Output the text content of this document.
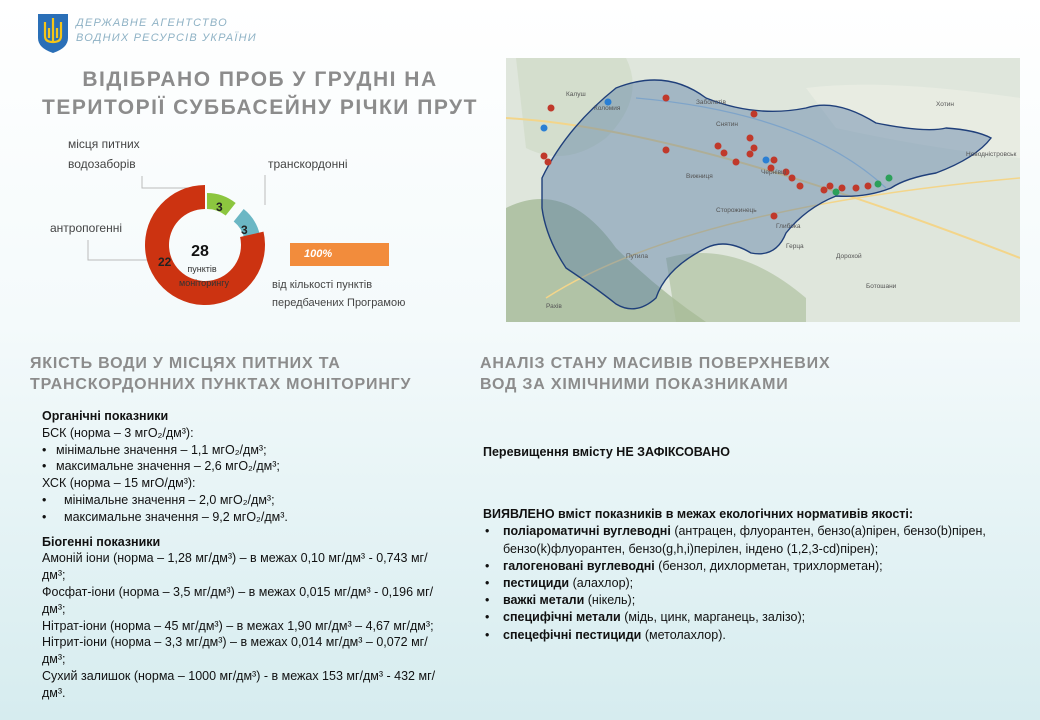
ДЕРЖАВНЕ АГЕНТСТВО
ВОДНИХ РЕСУРСІВ УКРАЇНИ
ВІДІБРАНО ПРОБ У ГРУДНІ НА
ТЕРИТОРІЇ СУББАСЕЙНУ РІЧКИ ПРУТ
місця питних водозаборів	транскордонні
антропогенні
22
3
3
28
пунктів
моніторингу
100%
від кількості пунктів
передбачених Програмою
Калуш
Коломия
Заболотів
Снятин
Чернівці
Хотин
Новодністровськ
Сторожинець
Глибока
Герца
Дорохой
Ботошани
Вижниця
Путила
Рахів
ЯКІСТЬ ВОДИ У МІСЦЯХ ПИТНИХ ТА
ТРАНСКОРДОННИХ ПУНКТАХ МОНІТОРИНГУ
АНАЛІЗ СТАНУ МАСИВІВ ПОВЕРХНЕВИХ
ВОД ЗА ХІМІЧНИМИ ПОКАЗНИКАМИ
Органічні показники
БСК (норма – 3 мгО₂/дм³):
• мінімальне значення – 1,1 мгО₂/дм³;
• максимальне значення – 2,6 мгО₂/дм³;
ХСК (норма – 15 мгО/дм³):
• мінімальне значення – 2,0 мгО₂/дм³;
• максимальне значення – 9,2 мгО₂/дм³.
Біогенні показники
Амоній іони (норма – 1,28 мг/дм³) – в межах 0,10 мг/дм³ - 0,743 мг/дм³;
Фосфат-іони (норма – 3,5 мг/дм³) – в межах 0,015 мг/дм³ - 0,196 мг/дм³;
Нітрат-іони (норма – 45 мг/дм³) – в межах 1,90 мг/дм³ – 4,67 мг/дм³;
Нітрит-іони (норма – 3,3 мг/дм³) – в межах 0,014 мг/дм³ – 0,072 мг/дм³;
Сухий залишок (норма – 1000 мг/дм³) - в межах 153 мг/дм³ - 432 мг/дм³.
Перевищення вмісту НЕ ЗАФІКСОВАНО
ВИЯВЛЕНО вміст показників в межах екологічних нормативів якості:
• поліароматичні вуглеводні (антрацен, флуорантен, бензо(а)пірен, бензо(b)пірен, бензо(k)флуорантен, бензо(g,h,i)перілен, індено (1,2,3-cd)пірен);
• галогеновані вуглеводні (бензол, дихлорметан, трихлорметан);
• пестициди (алахлор);
• важкі метали (нікель);
• специфічні метали (мідь, цинк, марганець, залізо);
• спецефічні пестициди (метолахлор).
